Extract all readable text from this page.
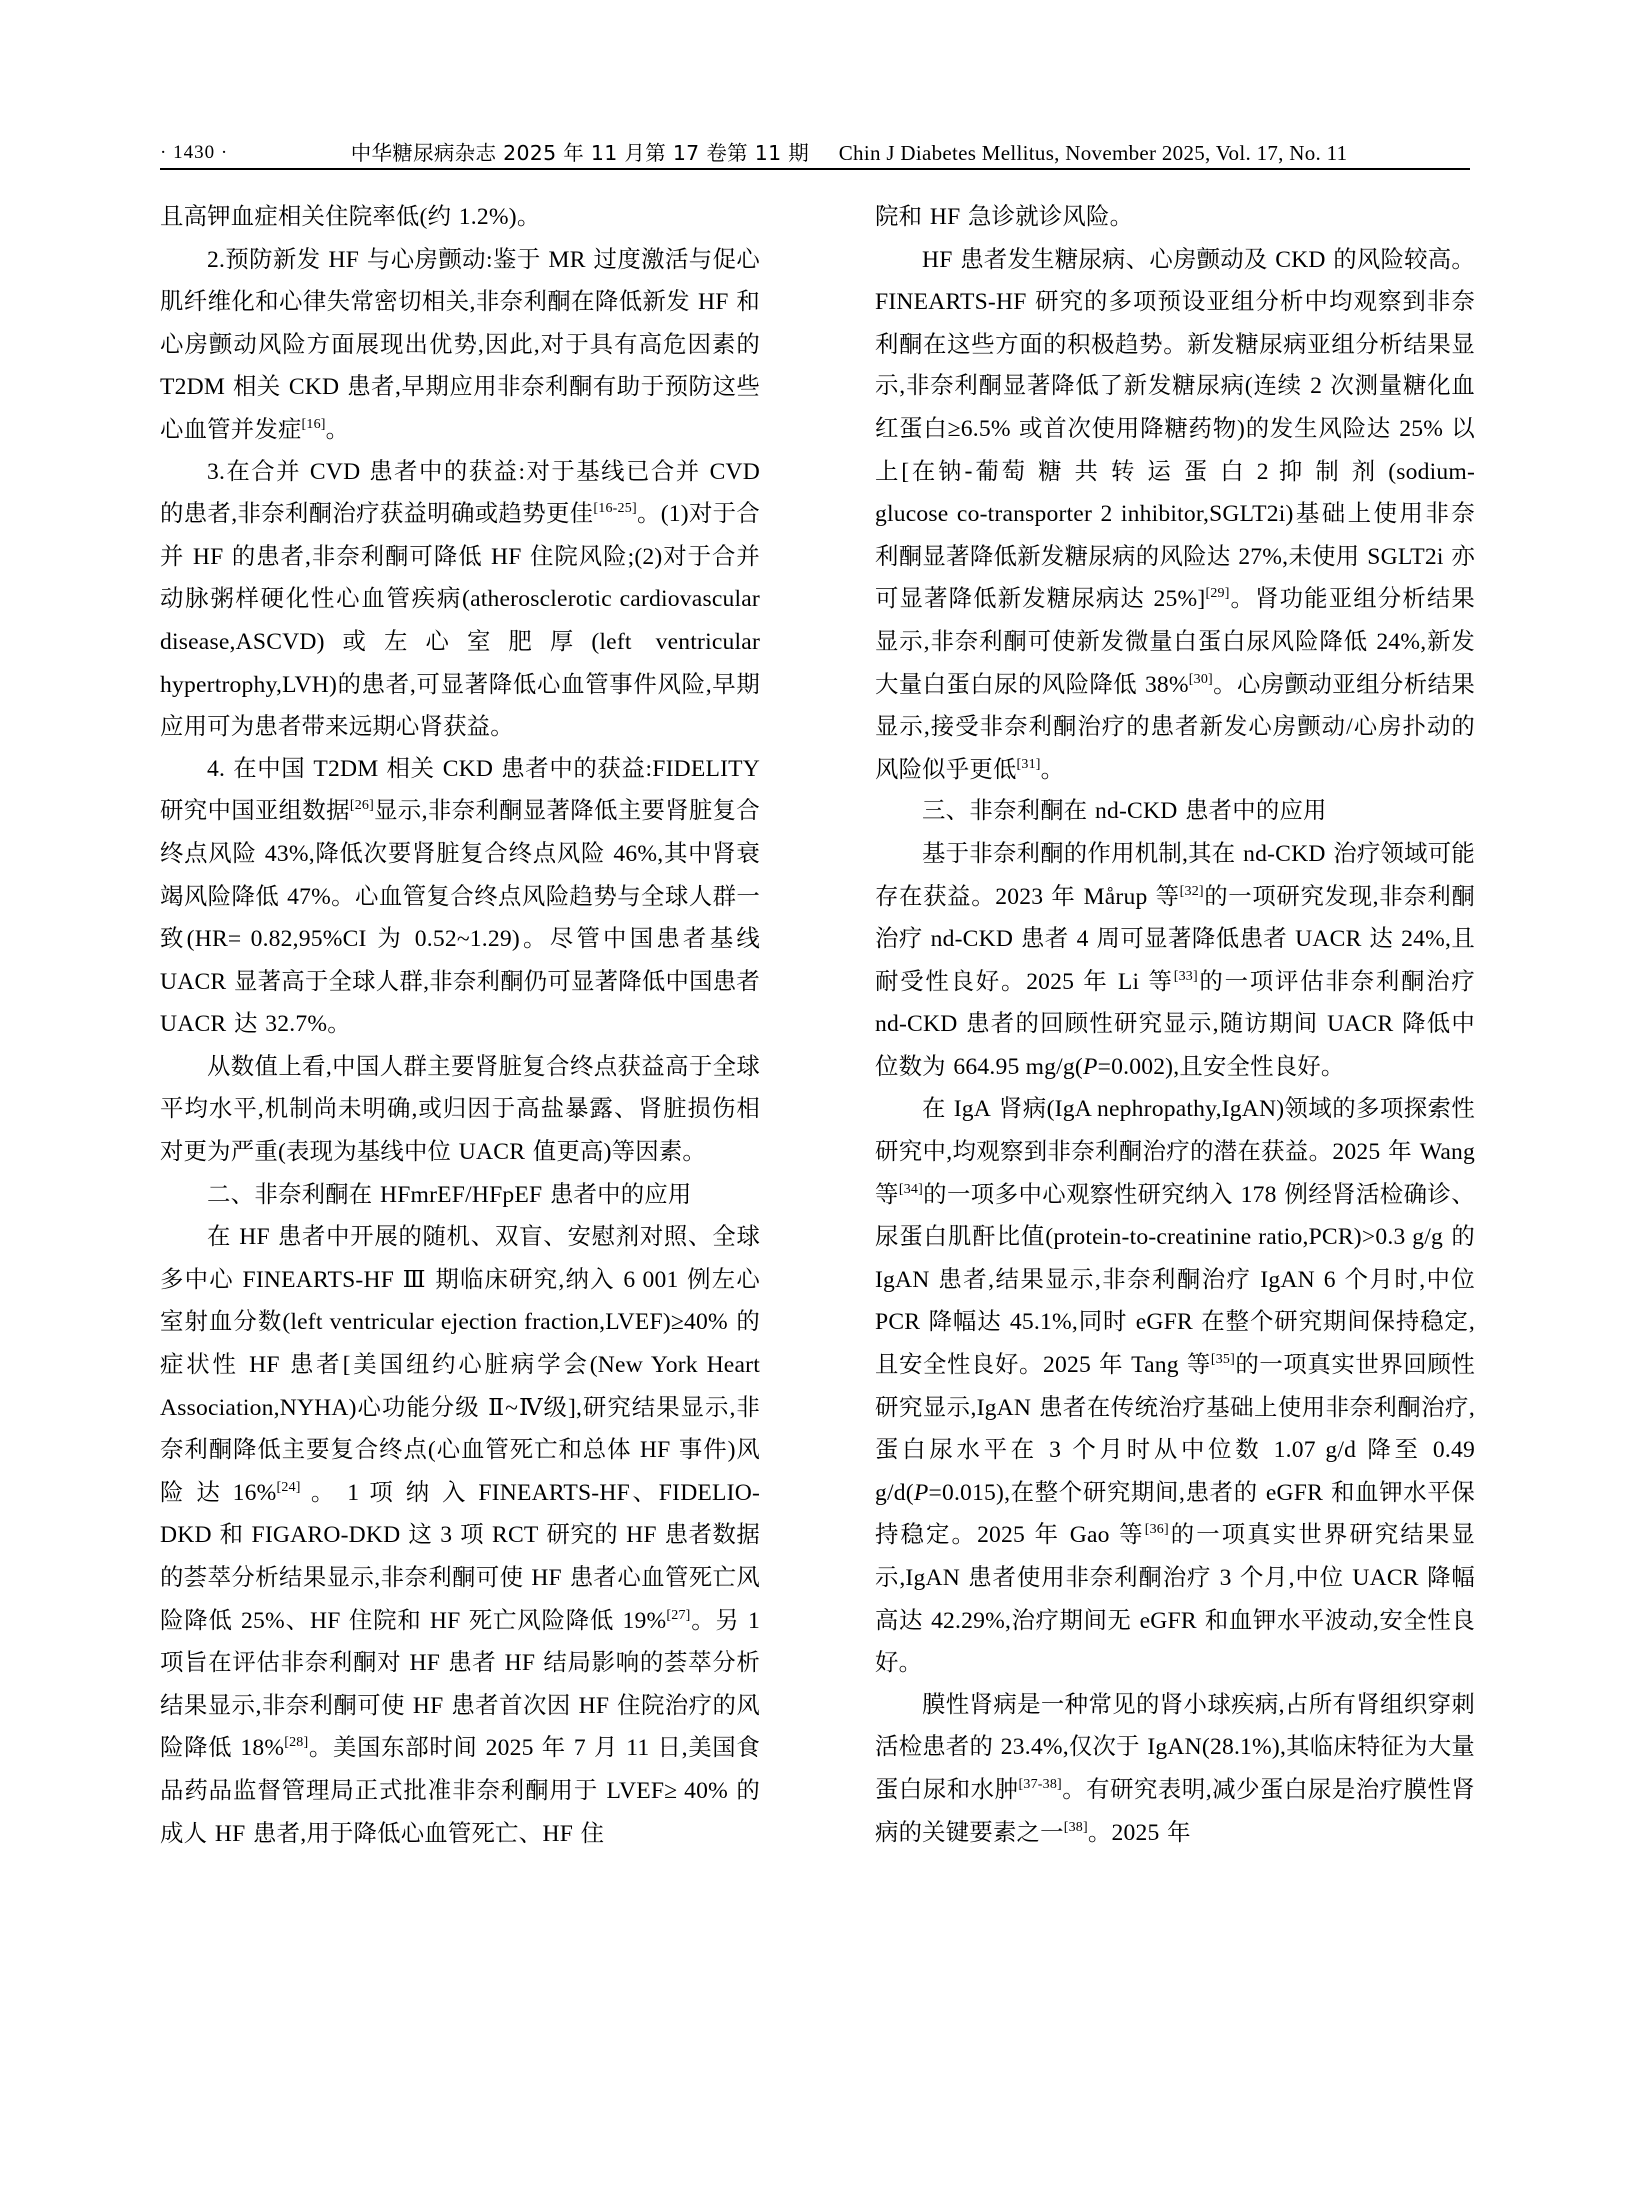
· 1430 ·	中华糖尿病杂志 2025 年 11 月第 17 卷第 11 期 Chin J Diabetes Mellitus, November 2025, Vol. 17, No. 11

且高钾血症相关住院率低(约 1.2%)。

2.预防新发 HF 与心房颤动:鉴于 MR 过度激活与促心肌纤维化和心律失常密切相关,非奈利酮在降低新发 HF 和心房颤动风险方面展现出优势,因此,对于具有高危因素的 T2DM 相关 CKD 患者,早期应用非奈利酮有助于预防这些心血管并发症[16]。

3.在合并 CVD 患者中的获益:对于基线已合并 CVD 的患者,非奈利酮治疗获益明确或趋势更佳[16-25]。(1)对于合并 HF 的患者,非奈利酮可降低 HF 住院风险;(2)对于合并动脉粥样硬化性心血管疾病(atherosclerotic cardiovascular disease,ASCVD)或左心室肥厚(left ventricular hypertrophy,LVH)的患者,可显著降低心血管事件风险,早期应用可为患者带来远期心肾获益。

4. 在中国 T2DM 相关 CKD 患者中的获益:FIDELITY 研究中国亚组数据[26]显示,非奈利酮显著降低主要肾脏复合终点风险 43%,降低次要肾脏复合终点风险 46%,其中肾衰竭风险降低 47%。心血管复合终点风险趋势与全球人群一致(HR= 0.82,95%CI 为 0.52~1.29)。尽管中国患者基线 UACR 显著高于全球人群,非奈利酮仍可显著降低中国患者 UACR 达 32.7%。

从数值上看,中国人群主要肾脏复合终点获益高于全球平均水平,机制尚未明确,或归因于高盐暴露、肾脏损伤相对更为严重(表现为基线中位 UACR 值更高)等因素。

二、非奈利酮在 HFmrEF/HFpEF 患者中的应用

在 HF 患者中开展的随机、双盲、安慰剂对照、全球多中心 FINEARTS-HF Ⅲ 期临床研究,纳入 6 001 例左心室射血分数(left ventricular ejection fraction,LVEF)≥40% 的症状性 HF 患者[美国纽约心脏病学会(New York Heart Association,NYHA)心功能分级 Ⅱ~Ⅳ级],研究结果显示,非奈利酮降低主要复合终点(心血管死亡和总体 HF 事件)风 险 达 16%[24] 。 1 项 纳 入 FINEARTS-HF、FIDELIO-DKD 和 FIGARO-DKD 这 3 项 RCT 研究的 HF 患者数据的荟萃分析结果显示,非奈利酮可使 HF 患者心血管死亡风险降低 25%、HF 住院和 HF 死亡风险降低 19%[27]。另 1 项旨在评估非奈利酮对 HF 患者 HF 结局影响的荟萃分析结果显示,非奈利酮可使 HF 患者首次因 HF 住院治疗的风险降低 18%[28]。美国东部时间 2025 年 7 月 11 日,美国食品药品监督管理局正式批准非奈利酮用于 LVEF≥ 40% 的成人 HF 患者,用于降低心血管死亡、HF 住

院和 HF 急诊就诊风险。

HF 患者发生糖尿病、心房颤动及 CKD 的风险较高。FINEARTS-HF 研究的多项预设亚组分析中均观察到非奈利酮在这些方面的积极趋势。新发糖尿病亚组分析结果显示,非奈利酮显著降低了新发糖尿病(连续 2 次测量糖化血红蛋白≥6.5% 或首次使用降糖药物)的发生风险达 25% 以上[在钠-葡萄 糖 共 转 运 蛋 白 2 抑 制 剂 (sodium-glucose co-transporter 2 inhibitor,SGLT2i)基础上使用非奈利酮显著降低新发糖尿病的风险达 27%,未使用 SGLT2i 亦可显著降低新发糖尿病达 25%][29]。肾功能亚组分析结果显示,非奈利酮可使新发微量白蛋白尿风险降低 24%,新发大量白蛋白尿的风险降低 38%[30]。心房颤动亚组分析结果显示,接受非奈利酮治疗的患者新发心房颤动/心房扑动的风险似乎更低[31]。

三、非奈利酮在 nd-CKD 患者中的应用

基于非奈利酮的作用机制,其在 nd-CKD 治疗领域可能存在获益。2023 年 Mårup 等[32]的一项研究发现,非奈利酮治疗 nd-CKD 患者 4 周可显著降低患者 UACR 达 24%,且耐受性良好。2025 年 Li 等[33]的一项评估非奈利酮治疗 nd-CKD 患者的回顾性研究显示,随访期间 UACR 降低中位数为 664.95 mg/g(P=0.002),且安全性良好。

在 IgA 肾病(IgA nephropathy,IgAN)领域的多项探索性研究中,均观察到非奈利酮治疗的潜在获益。2025 年 Wang 等[34]的一项多中心观察性研究纳入 178 例经肾活检确诊、尿蛋白肌酐比值(protein-to-creatinine ratio,PCR)>0.3 g/g 的 IgAN 患者,结果显示,非奈利酮治疗 IgAN 6 个月时,中位 PCR 降幅达 45.1%,同时 eGFR 在整个研究期间保持稳定,且安全性良好。2025 年 Tang 等[35]的一项真实世界回顾性研究显示,IgAN 患者在传统治疗基础上使用非奈利酮治疗,蛋白尿水平在 3 个月时从中位数 1.07 g/d 降至 0.49 g/d(P=0.015),在整个研究期间,患者的 eGFR 和血钾水平保持稳定。2025 年 Gao 等[36]的一项真实世界研究结果显示,IgAN 患者使用非奈利酮治疗 3 个月,中位 UACR 降幅高达 42.29%,治疗期间无 eGFR 和血钾水平波动,安全性良好。

膜性肾病是一种常见的肾小球疾病,占所有肾组织穿刺活检患者的 23.4%,仅次于 IgAN(28.1%),其临床特征为大量蛋白尿和水肿[37-38]。有研究表明,减少蛋白尿是治疗膜性肾病的关键要素之一[38]。2025 年
